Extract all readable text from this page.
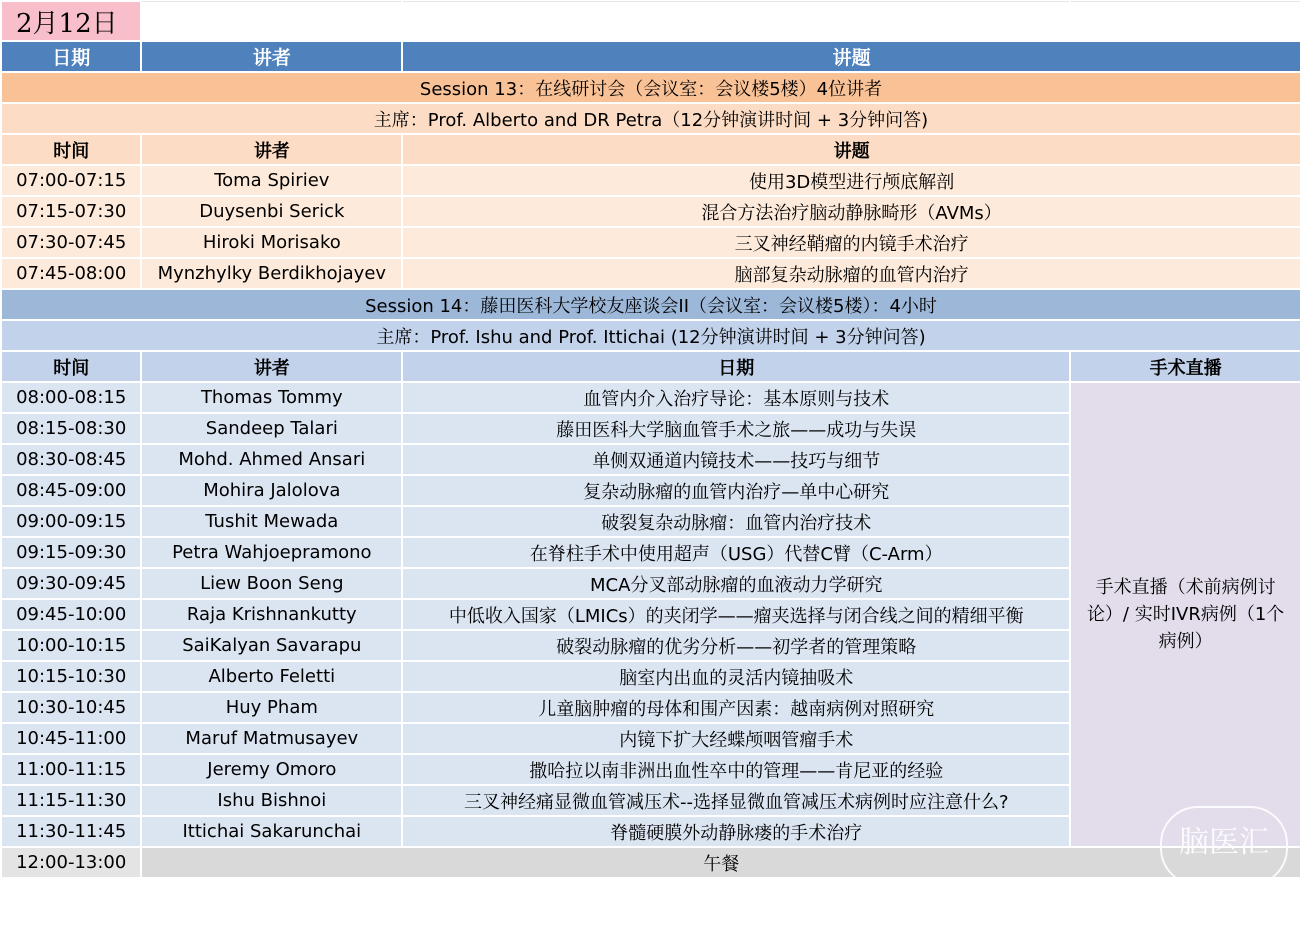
2月12日			
日期	讲者	讲题	
Session 13：在线研讨会（会议室：会议楼5楼）4位讲者			
主席：Prof. Alberto and DR Petra（12分钟演讲时间 + 3分钟问答)			
时间	讲者	讲题	
07:00-07:15	Toma Spiriev	使用3D模型进行颅底解剖	
07:15-07:30	Duysenbi Serick	混合方法治疗脑动静脉畸形（AVMs）	
07:30-07:45	Hiroki Morisako	三叉神经鞘瘤的内镜手术治疗	
07:45-08:00	Mynzhylky Berdikhojayev	脑部复杂动脉瘤的血管内治疗	
Session 14：藤田医科大学校友座谈会II（会议室：会议楼5楼）：4小时			
主席：Prof. Ishu and Prof. Ittichai (12分钟演讲时间 + 3分钟问答)			
时间	讲者	日期	手术直播
08:00-08:15	Thomas Tommy	血管内介入治疗导论：基本原则与技术	手术直播（术前病例讨论）/ 实时IVR病例（1个病例）
08:15-08:30	Sandeep Talari	藤田医科大学脑血管手术之旅——成功与失误	
08:30-08:45	Mohd. Ahmed Ansari	单侧双通道内镜技术——技巧与细节	
08:45-09:00	Mohira Jalolova	复杂动脉瘤的血管内治疗—单中心研究	
09:00-09:15	Tushit Mewada	破裂复杂动脉瘤：血管内治疗技术	
09:15-09:30	Petra Wahjoepramono	在脊柱手术中使用超声（USG）代替C臂（C-Arm）	
09:30-09:45	Liew Boon Seng	MCA分叉部动脉瘤的血液动力学研究	
09:45-10:00	Raja Krishnankutty	中低收入国家（LMICs）的夹闭学——瘤夹选择与闭合线之间的精细平衡	
10:00-10:15	SaiKalyan Savarapu	破裂动脉瘤的优劣分析——初学者的管理策略	
10:15-10:30	Alberto Feletti	脑室内出血的灵活内镜抽吸术	
10:30-10:45	Huy Pham	儿童脑肿瘤的母体和围产因素：越南病例对照研究	
10:45-11:00	Maruf Matmusayev	内镜下扩大经蝶颅咽管瘤手术	
11:00-11:15	Jeremy Omoro	撒哈拉以南非洲出血性卒中的管理——肯尼亚的经验	
11:15-11:30	Ishu Bishnoi	三叉神经痛显微血管减压术--选择显微血管减压术病例时应注意什么?	
11:30-11:45	Ittichai Sakarunchai	脊髓硬膜外动静脉瘘的手术治疗	
12:00-13:00	午餐		
脑医汇
